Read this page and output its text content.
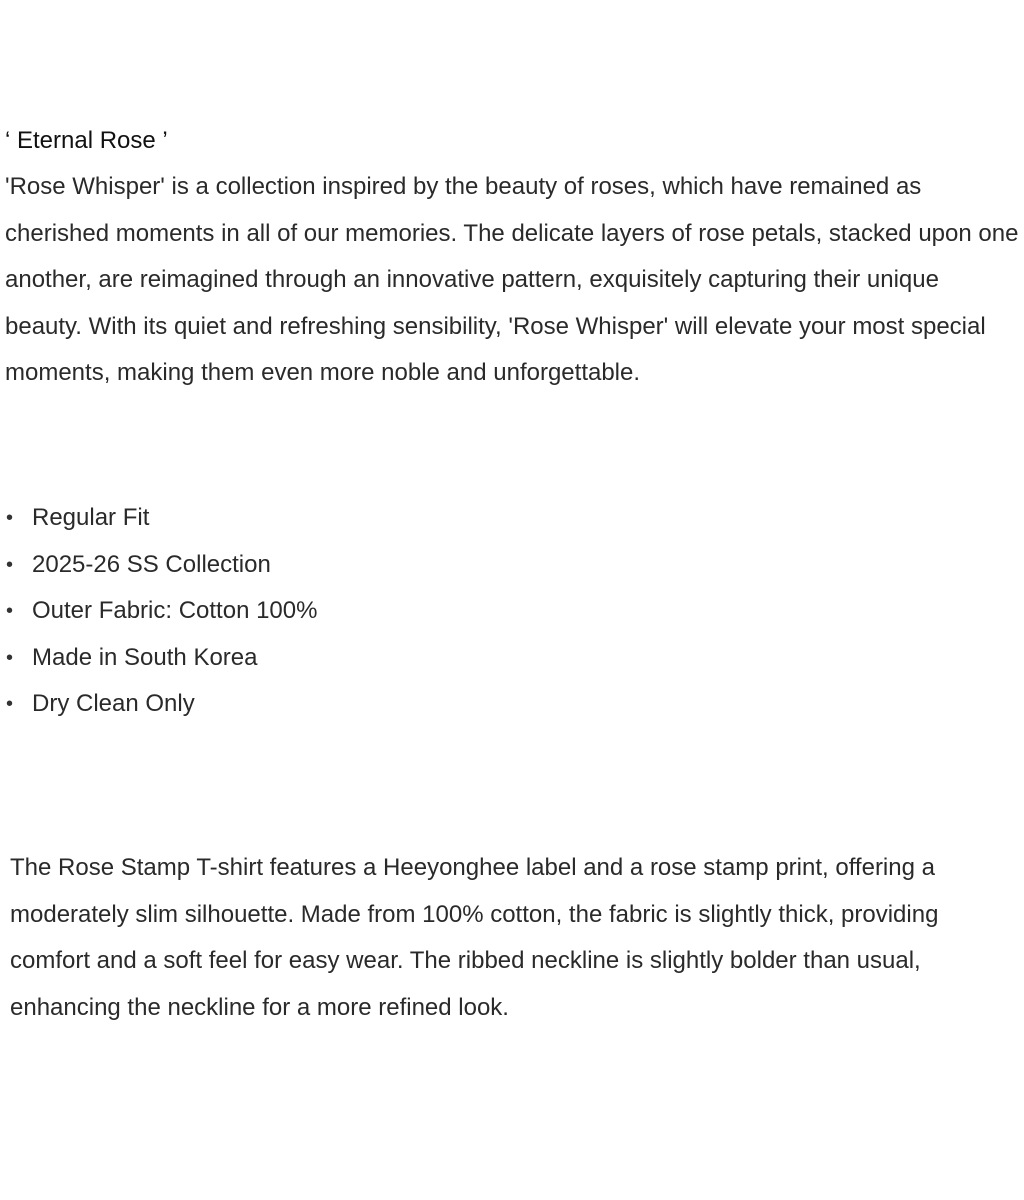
‘ Eternal Rose ’

'Rose Whisper' is a collection inspired by the beauty of roses, which have remained as cherished moments in all of our memories. The delicate layers of rose petals, stacked upon one another, are reimagined through an innovative pattern, exquisitely capturing their unique beauty. With its quiet and refreshing sensibility, 'Rose Whisper' will elevate your most special moments, making them even more noble and unforgettable.

• Regular Fit
• 2025-26 SS Collection
• Outer Fabric: Cotton 100%
• Made in South Korea
• Dry Clean Only

The Rose Stamp T-shirt features a Heeyonghee label and a rose stamp print, offering a moderately slim silhouette. Made from 100% cotton, the fabric is slightly thick, providing comfort and a soft feel for easy wear. The ribbed neckline is slightly bolder than usual, enhancing the neckline for a more refined look.
